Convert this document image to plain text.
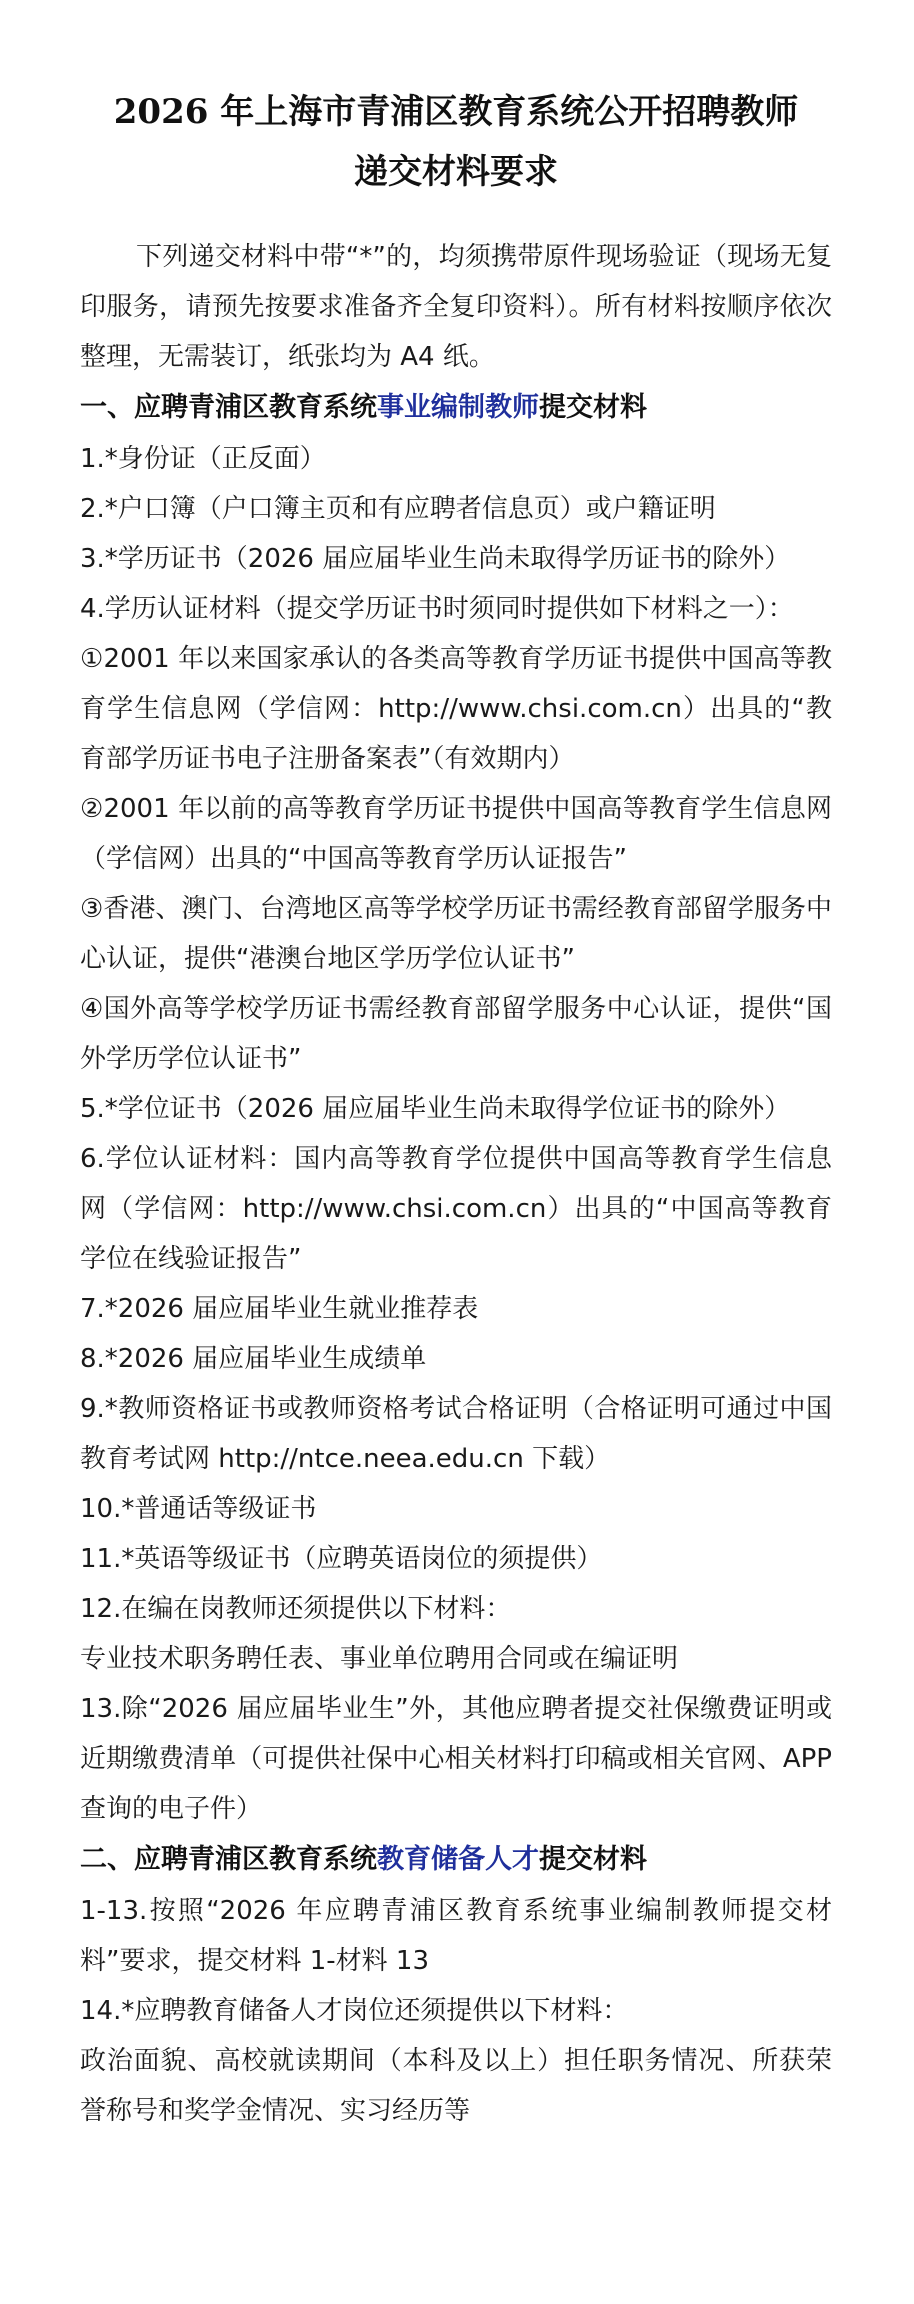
2026 年上海市青浦区教育系统公开招聘教师
递交材料要求

下列递交材料中带“*”的，均须携带原件现场验证（现场无复印服务，请预先按要求准备齐全复印资料）。所有材料按顺序依次整理，无需装订，纸张均为 A4 纸。

一、应聘青浦区教育系统事业编制教师提交材料

1.*身份证（正反面）

2.*户口簿（户口簿主页和有应聘者信息页）或户籍证明

3.*学历证书（2026 届应届毕业生尚未取得学历证书的除外）

4.学历认证材料（提交学历证书时须同时提供如下材料之一）：

①2001 年以来国家承认的各类高等教育学历证书提供中国高等教育学生信息网（学信网：http://www.chsi.com.cn）出具的“教育部学历证书电子注册备案表”（有效期内）

②2001 年以前的高等教育学历证书提供中国高等教育学生信息网（学信网）出具的“中国高等教育学历认证报告”

③香港、澳门、台湾地区高等学校学历证书需经教育部留学服务中心认证，提供“港澳台地区学历学位认证书”

④国外高等学校学历证书需经教育部留学服务中心认证，提供“国外学历学位认证书”

5.*学位证书（2026 届应届毕业生尚未取得学位证书的除外）

6.学位认证材料：国内高等教育学位提供中国高等教育学生信息网（学信网：http://www.chsi.com.cn）出具的“中国高等教育学位在线验证报告”

7.*2026 届应届毕业生就业推荐表

8.*2026 届应届毕业生成绩单

9.*教师资格证书或教师资格考试合格证明（合格证明可通过中国教育考试网 http://ntce.neea.edu.cn 下载）

10.*普通话等级证书

11.*英语等级证书（应聘英语岗位的须提供）

12.在编在岗教师还须提供以下材料：

专业技术职务聘任表、事业单位聘用合同或在编证明

13.除“2026 届应届毕业生”外，其他应聘者提交社保缴费证明或近期缴费清单（可提供社保中心相关材料打印稿或相关官网、APP 查询的电子件）

二、应聘青浦区教育系统教育储备人才提交材料

1-13.按照“2026 年应聘青浦区教育系统事业编制教师提交材料”要求，提交材料 1-材料 13

14.*应聘教育储备人才岗位还须提供以下材料：

政治面貌、高校就读期间（本科及以上）担任职务情况、所获荣誉称号和奖学金情况、实习经历等
